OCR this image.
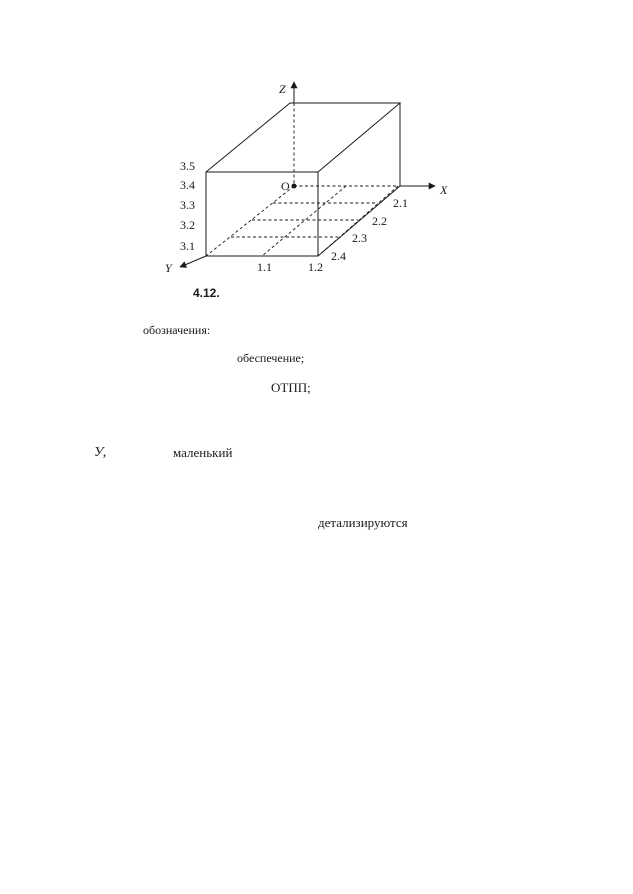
Z
X
Y
O
3.5
3.4
3.3
3.2
3.1
2.1
2.2
2.3
2.4
1.1	1.2
4.12.
обозначения:
обеспечение;
ОТПП;
У,	маленький
детализируются
